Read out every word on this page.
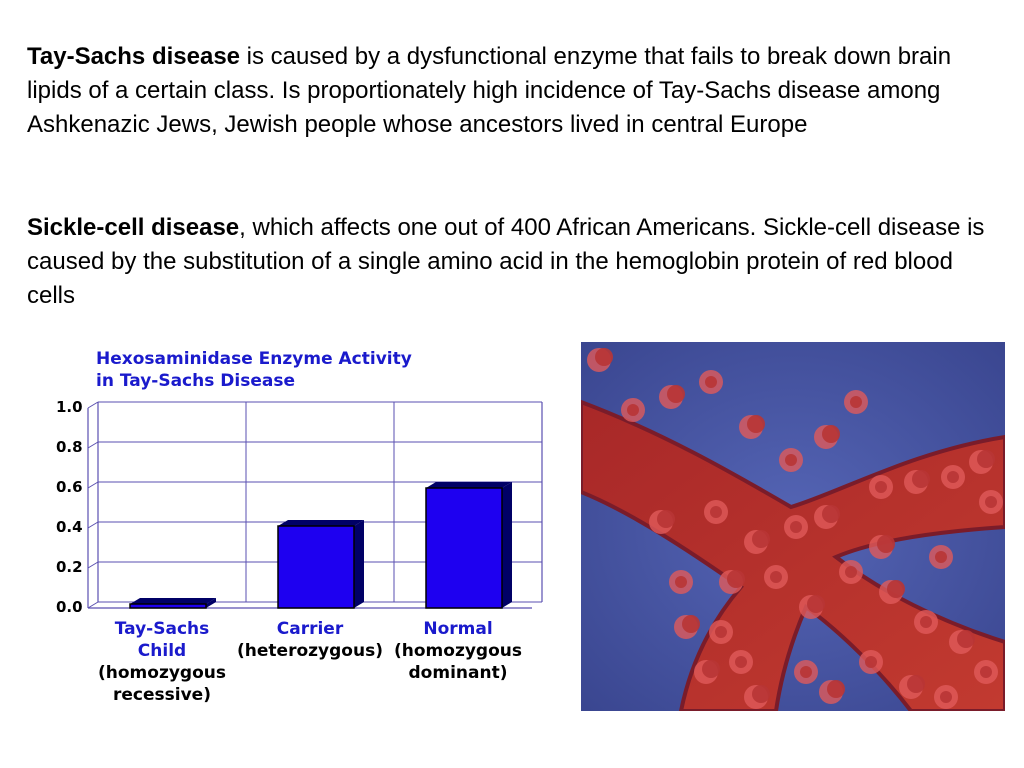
Tay-Sachs disease is caused by a dysfunctional enzyme that fails to break down brain lipids of a certain class. Is proportionately high incidence of Tay-Sachs disease among Ashkenazic Jews, Jewish people whose ancestors lived in central Europe

Sickle-cell disease, which affects one out of 400 African Americans. Sickle-cell disease is caused by the substitution of a single amino acid in the hemoglobin protein of red blood cells

Hexosaminidase Enzyme Activity
in Tay-Sachs Disease
1.0
0.8
0.6
0.4
0.2
0.0
Tay-Sachs
Child
(homozygous
recessive)
Carrier
(heterozygous)
Normal
(homozygous
dominant)
